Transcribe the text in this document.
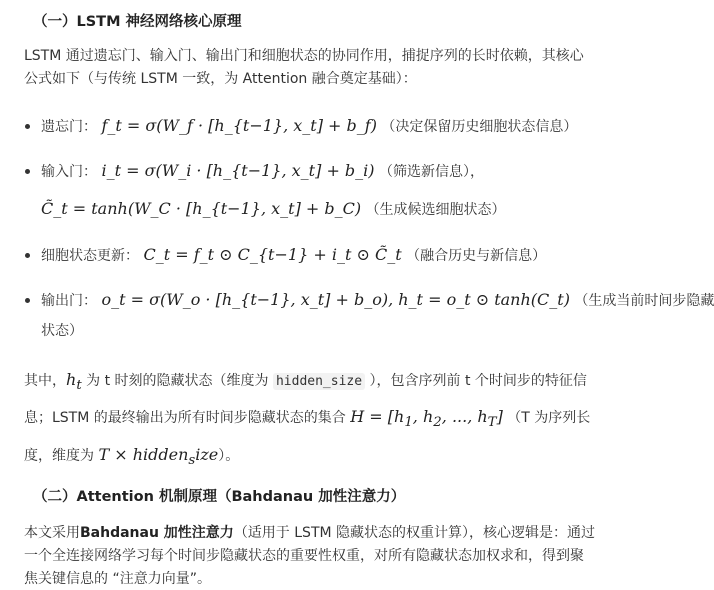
（一）LSTM 神经网络核心原理
LSTM 通过遗忘门、输入门、输出门和细胞状态的协同作用，捕捉序列的长时依赖，其核心
公式如下（与传统 LSTM 一致，为 Attention 融合奠定基础）：
遗忘门： f_t = σ(W_f · [h_{t−1}, x_t] + b_f) （决定保留历史细胞状态信息）
输入门： i_t = σ(W_i · [h_{t−1}, x_t] + b_i) （筛选新信息），
C̃_t = tanh(W_C · [h_{t−1}, x_t] + b_C) （生成候选细胞状态）
细胞状态更新： C_t = f_t ⊙ C_{t−1} + i_t ⊙ C̃_t （融合历史与新信息）
输出门： o_t = σ(W_o · [h_{t−1}, x_t] + b_o), h_t = o_t ⊙ tanh(C_t) （生成当前时间步隐藏
状态）
其中，$h_t$ 为 t 时刻的隐藏状态（维度为 hidden_size ），包含序列前 t 个时间步的特征信
息；LSTM 的最终输出为所有时间步隐藏状态的集合 $H = [h_1$, $h_2$, ..., $h_T$] （T 为序列长
度，维度为 T × hidden$_s$ize）。
（二）Attention 机制原理（Bahdanau 加性注意力）
本文采用Bahdanau 加性注意力（适用于 LSTM 隐藏状态的权重计算），核心逻辑是：通过
一个全连接网络学习每个时间步隐藏状态的重要性权重，对所有隐藏状态加权求和，得到聚
焦关键信息的 “注意力向量”。
